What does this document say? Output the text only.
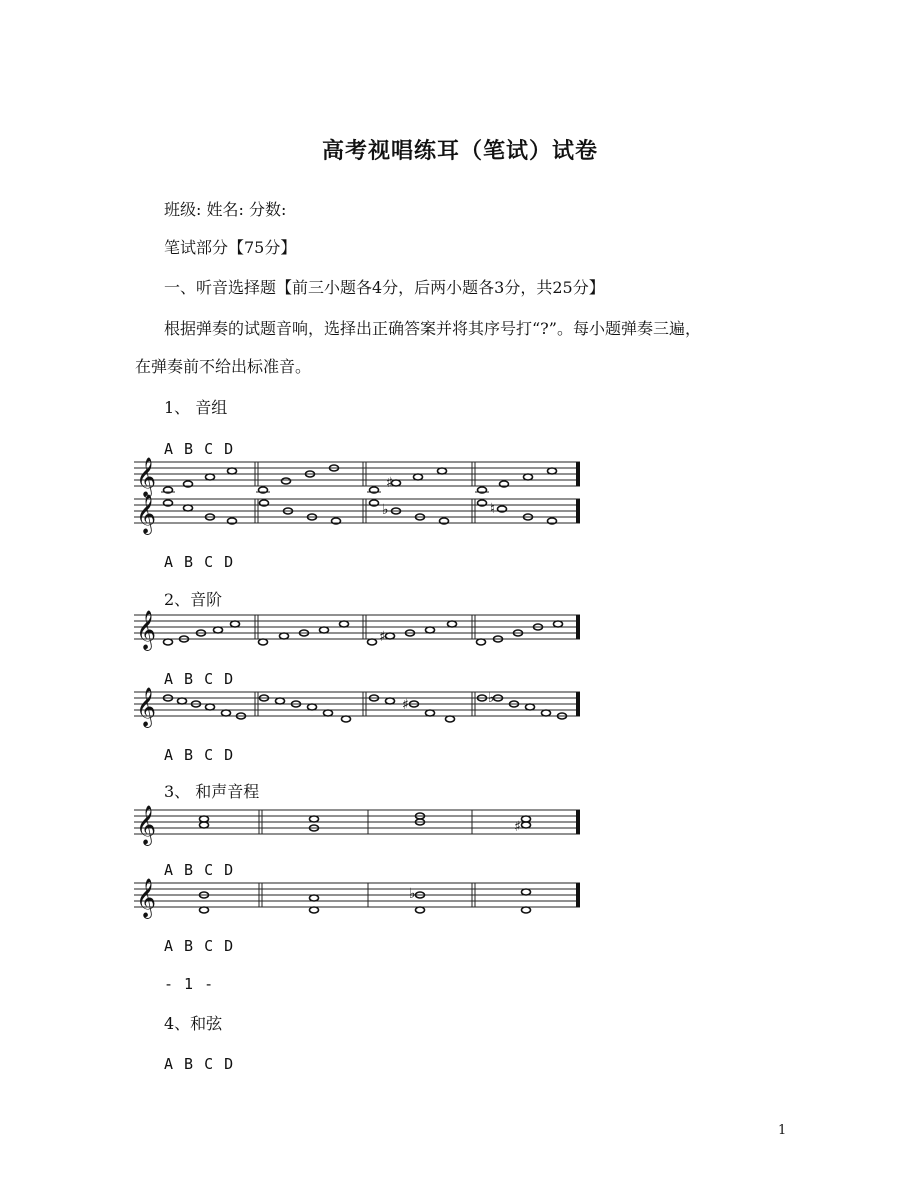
高考视唱练耳（笔试）试卷
班级: 姓名: 分数:
笔试部分【75分】
一、听音选择题【前三小题各4分，后两小题各3分，共25分】
根据弹奏的试题音响，选择出正确答案并将其序号打“?”。每小题弹奏三遍，
在弹奏前不给出标准音。
1、 音组
A B C D
𝄞	♯
𝄞	♭	♮
A B C D
2、音阶
𝄞	♯
A B C D
𝄞	♯	♭
A B C D
3、 和声音程
𝄞	♯
A B C D
𝄞	♭
A B C D
- 1 -
4、和弦
A B C D
1
